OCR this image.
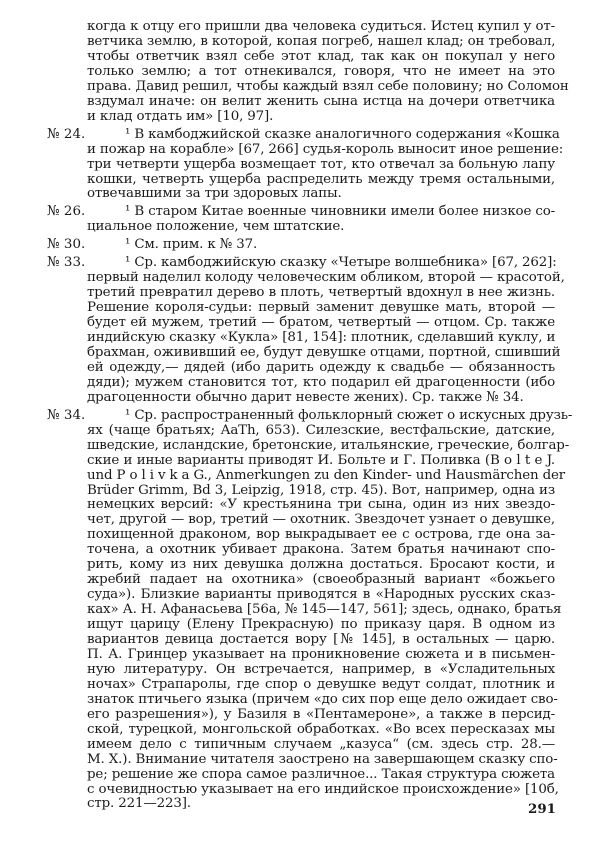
когда к отцу его пришли два человека судиться. Истец купил у от-
ветчика землю, в которой, копая погреб, нашел клад; он требовал,
чтобы ответчик взял себе этот клад, так как он покупал у него
только землю; а тот отнекивался, говоря, что не имеет на это
права. Давид решил, чтобы каждый взял себе половину; но Соломон
вздумал иначе: он велит женить сына истца на дочери ответчика
и клад отдать им» [10, 97].
№ 24.	¹ В камбоджийской сказке аналогичного содержания «Кошка
и пожар на корабле» [67, 266] судья-король выносит иное решение:
три четверти ущерба возмещает тот, кто отвечал за больную лапу
кошки, четверть ущерба распределить между тремя остальными,
отвечавшими за три здоровых лапы.
№ 26.	¹ В старом Китае военные чиновники имели более низкое со-
циальное положение, чем штатские.
№ 30.	¹ См. прим. к № 37.
№ 33.	¹ Ср. камбоджийскую сказку «Четыре волшебника» [67, 262]:
первый наделил колоду человеческим обликом, второй — красотой,
третий превратил дерево в плоть, четвертый вдохнул в нее жизнь.
Решение короля-судьи: первый заменит девушке мать, второй —
будет ей мужем, третий — братом, четвертый — отцом. Ср. также
индийскую сказку «Кукла» [81, 154]: плотник, сделавший куклу, и
брахман, ожививший ее, будут девушке отцами, портной, сшивший
ей одежду,— дядей (ибо дарить одежду к свадьбе — обязанность
дяди); мужем становится тот, кто подарил ей драгоценности (ибо
драгоценности обычно дарит невесте жених). Ср. также № 34.
№ 34.	¹ Ср. распространенный фольклорный сюжет о искусных друзь-
ях (чаще братьях; AaTh, 653). Силезские, вестфальские, датские,
шведские, исландские, бретонские, итальянские, греческие, болгар-
ские и иные варианты приводят И. Больте и Г. Поливка (B o l t e J.
und P o l i v k a G., Anmerkungen zu den Kinder- und Hausmärchen der
Brüder Grimm, Bd 3, Leipzig, 1918, стр. 45). Вот, например, одна из
немецких версий: «У крестьянина три сына, один из них звездо-
чет, другой — вор, третий — охотник. Звездочет узнает о девушке,
похищенной драконом, вор выкрадывает ее с острова, где она за-
точена, а охотник убивает дракона. Затем братья начинают спо-
рить, кому из них девушка должна достаться. Бросают кости, и
жребий падает на охотника» (своеобразный вариант «божьего
суда»). Близкие варианты приводятся в «Народных русских сказ-
ках» А. Н. Афанасьева [56а, № 145—147, 561]; здесь, однако, братья
ищут царицу (Елену Прекрасную) по приказу царя. В одном из
вариантов девица достается вору [№ 145], в остальных — царю.
П. А. Гринцер указывает на проникновение сюжета и в письмен-
ную литературу. Он встречается, например, в «Усладительных
ночах» Страпаролы, где спор о девушке ведут солдат, плотник и
знаток птичьего языка (причем «до сих пор еще дело ожидает сво-
его разрешения»), у Базиля в «Пентамероне», а также в персид-
ской, турецкой, монгольской обработках. «Во всех пересказах мы
имеем дело с типичным случаем „казуса“ (см. здесь стр. 28.—
М. Х.). Внимание читателя заострено на завершающем сказку спо-
ре; решение же спора самое различное... Такая структура сюжета
с очевидностью указывает на его индийское происхождение» [10б,
стр. 221—223].	291
